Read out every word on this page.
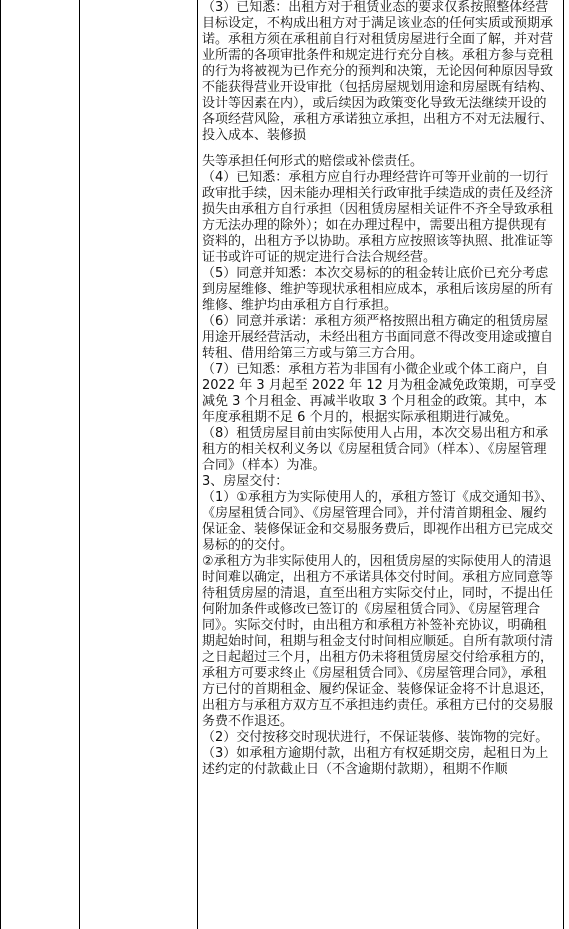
（3）已知悉：出租方对于租赁业态的要求仅系按照整体经营目标设定，不构成出租方对于满足该业态的任何实质或预期承诺。承租方须在承租前自行对租赁房屋进行全面了解，并对营业所需的各项审批条件和规定进行充分自核。承租方参与竞租的行为将被视为已作充分的预判和决策，无论因何种原因导致不能获得营业开设审批（包括房屋规划用途和房屋既有结构、设计等因素在内），或后续因为政策变化导致无法继续开设的各项经营风险，承租方承诺独立承担，出租方不对无法履行、投入成本、装修损

失等承担任何形式的赔偿或补偿责任。

（4）已知悉：承租方应自行办理经营许可等开业前的一切行政审批手续，因未能办理相关行政审批手续造成的责任及经济损失由承租方自行承担（因租赁房屋相关证件不齐全导致承租方无法办理的除外）；如在办理过程中，需要出租方提供现有资料的，出租方予以协助。承租方应按照该等执照、批准证等证书或许可证的规定进行合法合规经营。

（5）同意并知悉：本次交易标的的租金转让底价已充分考虑到房屋维修、维护等现状承租相应成本，承租后该房屋的所有维修、维护均由承租方自行承担。

（6）同意并承诺：承租方须严格按照出租方确定的租赁房屋用途开展经营活动，未经出租方书面同意不得改变用途或擅自转租、借用给第三方或与第三方合用。

（7）已知悉：承租方若为非国有小微企业或个体工商户，自 2022 年 3 月起至 2022 年 12 月为租金减免政策期，可享受减免 3 个月租金、再减半收取 3 个月租金的政策。其中，本年度承租期不足 6 个月的，根据实际承租期进行减免。

（8）租赁房屋目前由实际使用人占用，本次交易出租方和承租方的相关权利义务以《房屋租赁合同》（样本）、《房屋管理合同》（样本）为准。

3、房屋交付：

（1）①承租方为实际使用人的，承租方签订《成交通知书》、《房屋租赁合同》、《房屋管理合同》，并付清首期租金、履约保证金、装修保证金和交易服务费后，即视作出租方已完成交易标的的交付。

②承租方为非实际使用人的，因租赁房屋的实际使用人的清退时间难以确定，出租方不承诺具体交付时间。承租方应同意等待租赁房屋的清退，直至出租方实际交付止，同时，不提出任何附加条件或修改已签订的《房屋租赁合同》、《房屋管理合同》。实际交付时，由出租方和承租方补签补充协议，明确租期起始时间，租期与租金支付时间相应顺延。自所有款项付清之日起超过三个月，出租方仍未将租赁房屋交付给承租方的，承租方可要求终止《房屋租赁合同》、《房屋管理合同》，承租方已付的首期租金、履约保证金、装修保证金将不计息退还，出租方与承租方双方互不承担违约责任。承租方已付的交易服务费不作退还。

（2）交付按移交时现状进行，不保证装修、装饰物的完好。

（3）如承租方逾期付款，出租方有权延期交房，起租日为上述约定的付款截止日（不含逾期付款期），租期不作顺
